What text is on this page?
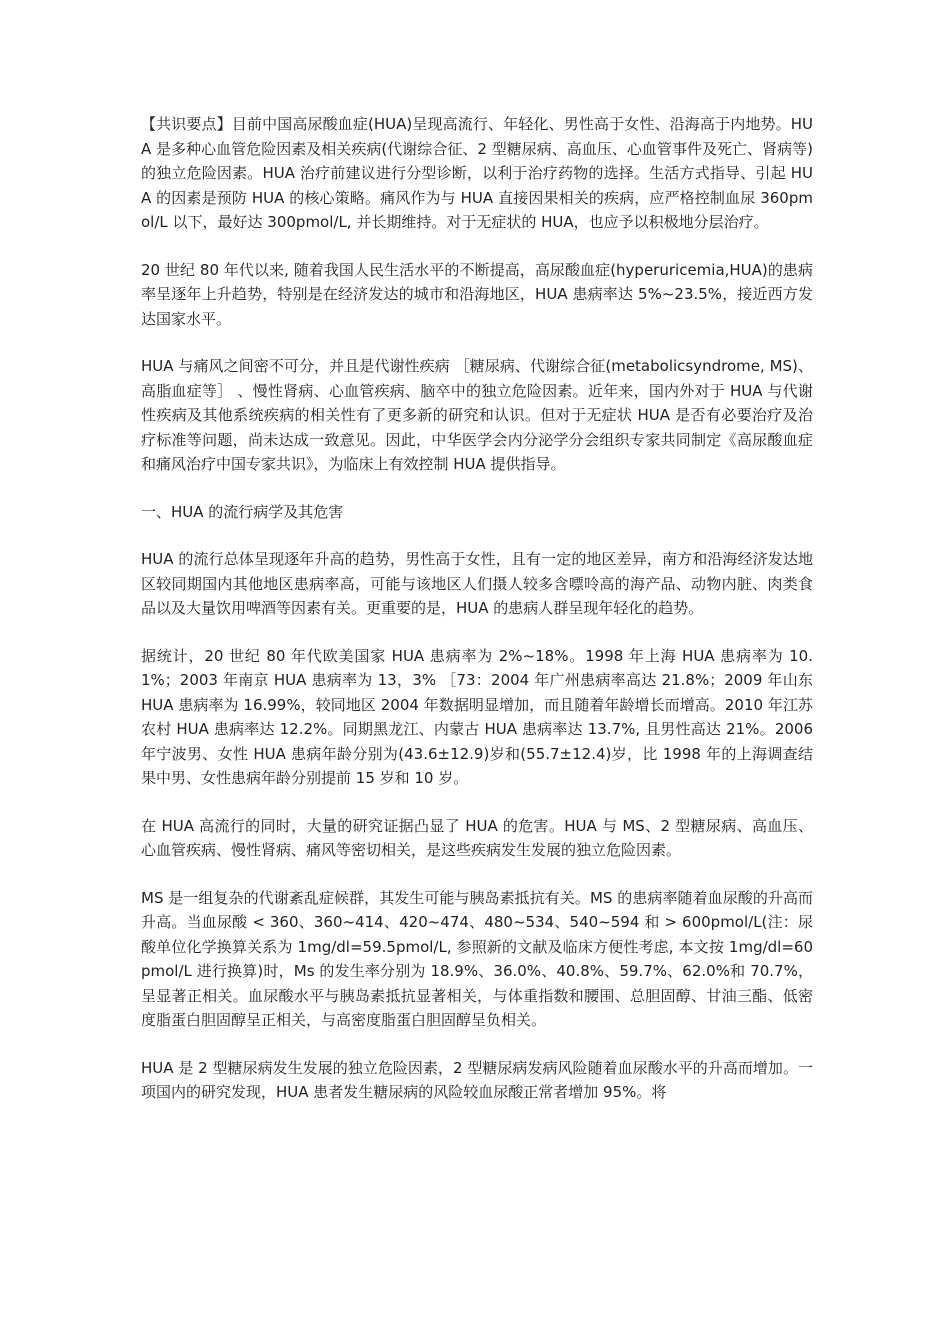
【共识要点】目前中国高尿酸血症(HUA)呈现高流行、年轻化、男性高于女性、沿海高于内地势。HUA 是多种心血管危险因素及相关疾病(代谢综合征、2 型糖尿病、高血压、心血管事件及死亡、肾病等)的独立危险因素。HUA 治疗前建议进行分型诊断，以利于治疗药物的选择。生活方式指导、引起 HUA 的因素是预防 HUA 的核心策略。痛风作为与 HUA 直接因果相关的疾病，应严格控制血尿 360pmol/L 以下，最好达 300pmol/L, 并长期维持。对于无症状的 HUA，也应予以积极地分层治疗。

20 世纪 80 年代以来, 随着我国人民生活水平的不断提高，高尿酸血症(hyperuricemia,HUA)的患病率呈逐年上升趋势，特别是在经济发达的城市和沿海地区，HUA 患病率达 5%~23.5%，接近西方发达国家水平。

HUA 与痛风之间密不可分，并且是代谢性疾病 ［糖尿病、代谢综合征(metabolicsyndrome, MS)、高脂血症等］ 、慢性肾病、心血管疾病、脑卒中的独立危险因素。近年来，国内外对于 HUA 与代谢性疾病及其他系统疾病的相关性有了更多新的研究和认识。但对于无症状 HUA 是否有必要治疗及治疗标准等问题，尚未达成一致意见。因此，中华医学会内分泌学分会组织专家共同制定《高尿酸血症和痛风治疗中国专家共识》，为临床上有效控制 HUA 提供指导。

一、HUA 的流行病学及其危害

HUA 的流行总体呈现逐年升高的趋势，男性高于女性，且有一定的地区差异，南方和沿海经济发达地区较同期国内其他地区患病率高，可能与该地区人们摄人较多含嘌呤高的海产品、动物内脏、肉类食品以及大量饮用啤酒等因素有关。更重要的是，HUA 的患病人群呈现年轻化的趋势。

据统计，20 世纪 80 年代欧美国家 HUA 患病率为 2%~18%。1998 年上海 HUA 患病率为 10.1%；2003 年南京 HUA 患病率为 13，3% ［73：2004 年广州患病率高达 21.8%；2009 年山东 HUA 患病率为 16.99%，较同地区 2004 年数据明显增加，而且随着年龄增长而增高。2010 年江苏农村 HUA 患病率达 12.2%。同期黑龙江、内蒙古 HUA 患病率达 13.7%, 且男性高达 21%。2006 年宁波男、女性 HUA 患病年龄分别为(43.6±12.9)岁和(55.7±12.4)岁，比 1998 年的上海调查结果中男、女性患病年龄分别提前 15 岁和 10 岁。

在 HUA 高流行的同时，大量的研究证据凸显了 HUA 的危害。HUA 与 MS、2 型糖尿病、高血压、心血管疾病、慢性肾病、痛风等密切相关，是这些疾病发生发展的独立危险因素。

MS 是一组复杂的代谢紊乱症候群，其发生可能与胰岛素抵抗有关。MS 的患病率随着血尿酸的升高而升高。当血尿酸 < 360、360~414、420~474、480~534、540~594 和 > 600pmol/L(注：尿酸单位化学换算关系为 1mg/dl=59.5pmol/L, 参照新的文献及临床方便性考虑, 本文按 1mg/dl=60pmol/L 进行换算)时，Ms 的发生率分别为 18.9%、36.0%、40.8%、59.7%、62.0%和 70.7%，呈显著正相关。血尿酸水平与胰岛素抵抗显著相关，与体重指数和腰围、总胆固醇、甘油三酯、低密度脂蛋白胆固醇呈正相关，与高密度脂蛋白胆固醇呈负相关。

HUA 是 2 型糖尿病发生发展的独立危险因素，2 型糖尿病发病风险随着血尿酸水平的升高而增加。一项国内的研究发现，HUA 患者发生糖尿病的风险较血尿酸正常者增加 95%。将
